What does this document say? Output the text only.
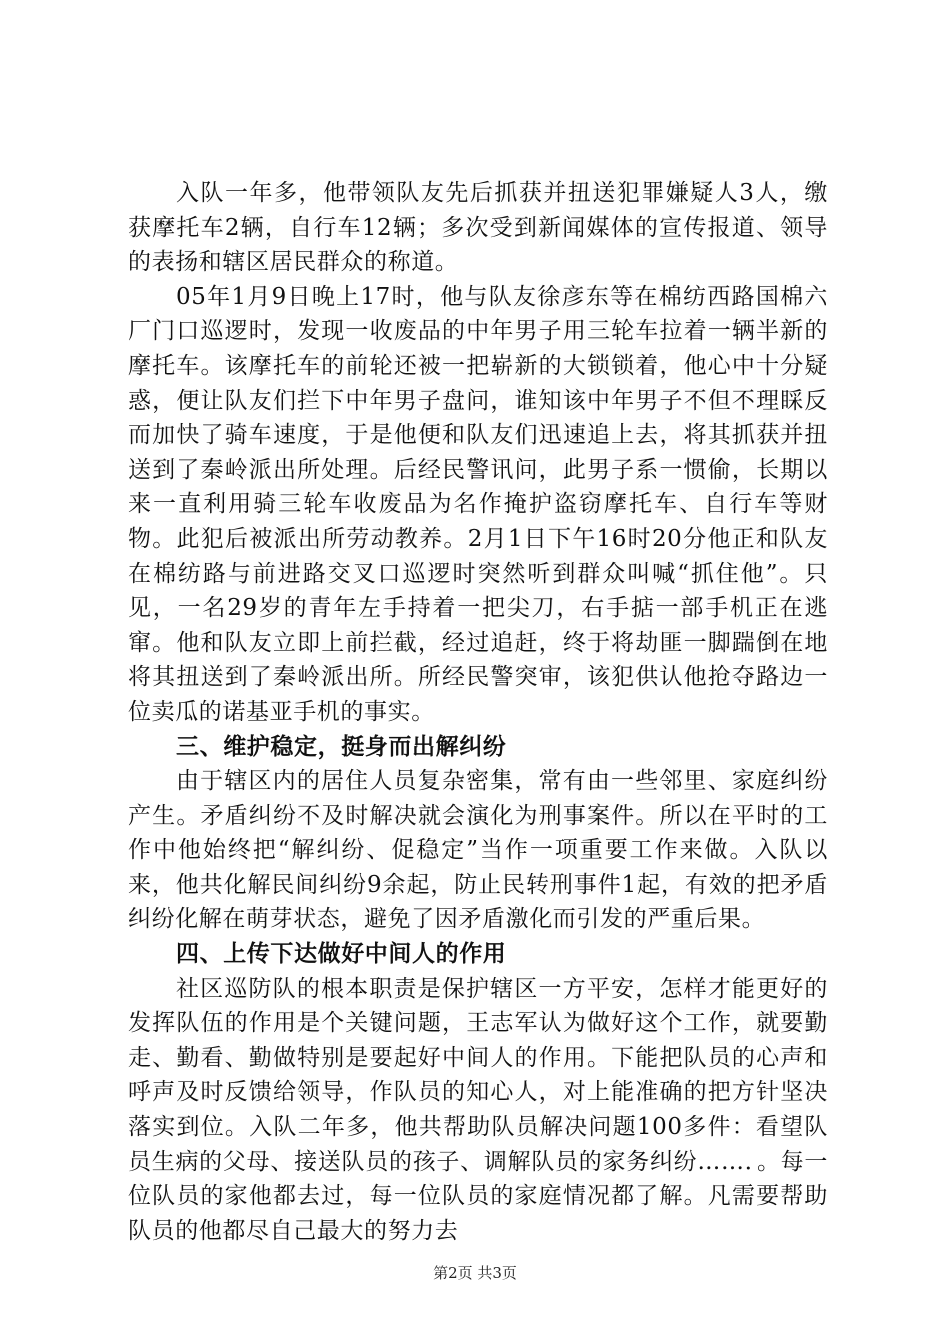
入队一年多，他带领队友先后抓获并扭送犯罪嫌疑人3人，缴获摩托车2辆，自行车12辆；多次受到新闻媒体的宣传报道、领导的表扬和辖区居民群众的称道。

05年1月9日晚上17时，他与队友徐彦东等在棉纺西路国棉六厂门口巡逻时，发现一收废品的中年男子用三轮车拉着一辆半新的摩托车。该摩托车的前轮还被一把崭新的大锁锁着，他心中十分疑惑，便让队友们拦下中年男子盘问，谁知该中年男子不但不理睬反而加快了骑车速度，于是他便和队友们迅速追上去，将其抓获并扭送到了秦岭派出所处理。后经民警讯问，此男子系一惯偷，长期以来一直利用骑三轮车收废品为名作掩护盗窃摩托车、自行车等财物。此犯后被派出所劳动教养。2月1日下午16时20分他正和队友在棉纺路与前进路交叉口巡逻时突然听到群众叫喊“抓住他”。只见，一名29岁的青年左手持着一把尖刀，右手掂一部手机正在逃窜。他和队友立即上前拦截，经过追赶，终于将劫匪一脚踹倒在地将其扭送到了秦岭派出所。所经民警突审，该犯供认他抢夺路边一位卖瓜的诺基亚手机的事实。

三、维护稳定，挺身而出解纠纷

由于辖区内的居住人员复杂密集，常有由一些邻里、家庭纠纷产生。矛盾纠纷不及时解决就会演化为刑事案件。所以在平时的工作中他始终把“解纠纷、促稳定”当作一项重要工作来做。入队以来，他共化解民间纠纷9余起，防止民转刑事件1起，有效的把矛盾纠纷化解在萌芽状态，避免了因矛盾激化而引发的严重后果。

四、上传下达做好中间人的作用

社区巡防队的根本职责是保护辖区一方平安，怎样才能更好的发挥队伍的作用是个关键问题，王志军认为做好这个工作，就要勤走、勤看、勤做特别是要起好中间人的作用。下能把队员的心声和呼声及时反馈给领导，作队员的知心人，对上能准确的把方针坚决落实到位。入队二年多，他共帮助队员解决问题100多件：看望队员生病的父母、接送队员的孩子、调解队员的家务纠纷……．。每一位队员的家他都去过，每一位队员的家庭情况都了解。凡需要帮助队员的他都尽自己最大的努力去

第2页 共3页
